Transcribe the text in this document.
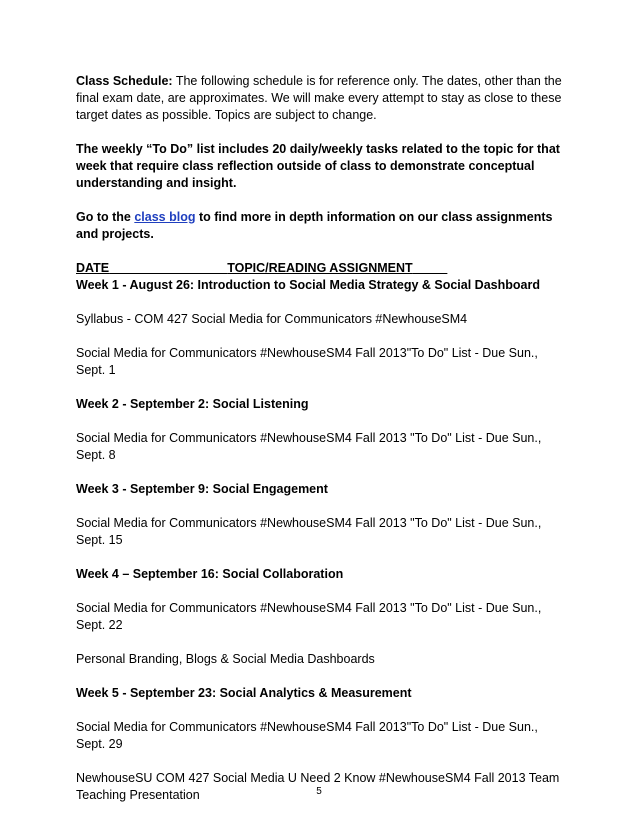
Class Schedule: The following schedule is for reference only. The dates, other than the final exam date, are approximates. We will make every attempt to stay as close to these target dates as possible. Topics are subject to change.

The weekly “To Do” list includes 20 daily/weekly tasks related to the topic for that week that require class reflection outside of class to demonstrate conceptual understanding and insight.

Go to the class blog to find more in depth information on our class assignments and projects.

DATE	TOPIC/READING ASSIGNMENT

Week 1 - August 26: Introduction to Social Media Strategy & Social Dashboard

Syllabus - COM 427 Social Media for Communicators #NewhouseSM4

Social Media for Communicators #NewhouseSM4 Fall 2013"To Do" List - Due Sun., Sept. 1

Week 2 - September 2: Social Listening

Social Media for Communicators #NewhouseSM4 Fall 2013 "To Do" List - Due Sun., Sept. 8

Week 3 - September 9: Social Engagement

Social Media for Communicators #NewhouseSM4 Fall 2013 "To Do" List - Due Sun., Sept. 15

Week 4 – September 16: Social Collaboration

Social Media for Communicators #NewhouseSM4 Fall 2013 "To Do" List - Due Sun., Sept. 22

Personal Branding, Blogs & Social Media Dashboards

Week 5 - September 23: Social Analytics & Measurement

Social Media for Communicators #NewhouseSM4 Fall 2013"To Do" List - Due Sun., Sept. 29

NewhouseSU COM 427 Social Media U Need 2 Know #NewhouseSM4 Fall 2013 Team Teaching Presentation	5
